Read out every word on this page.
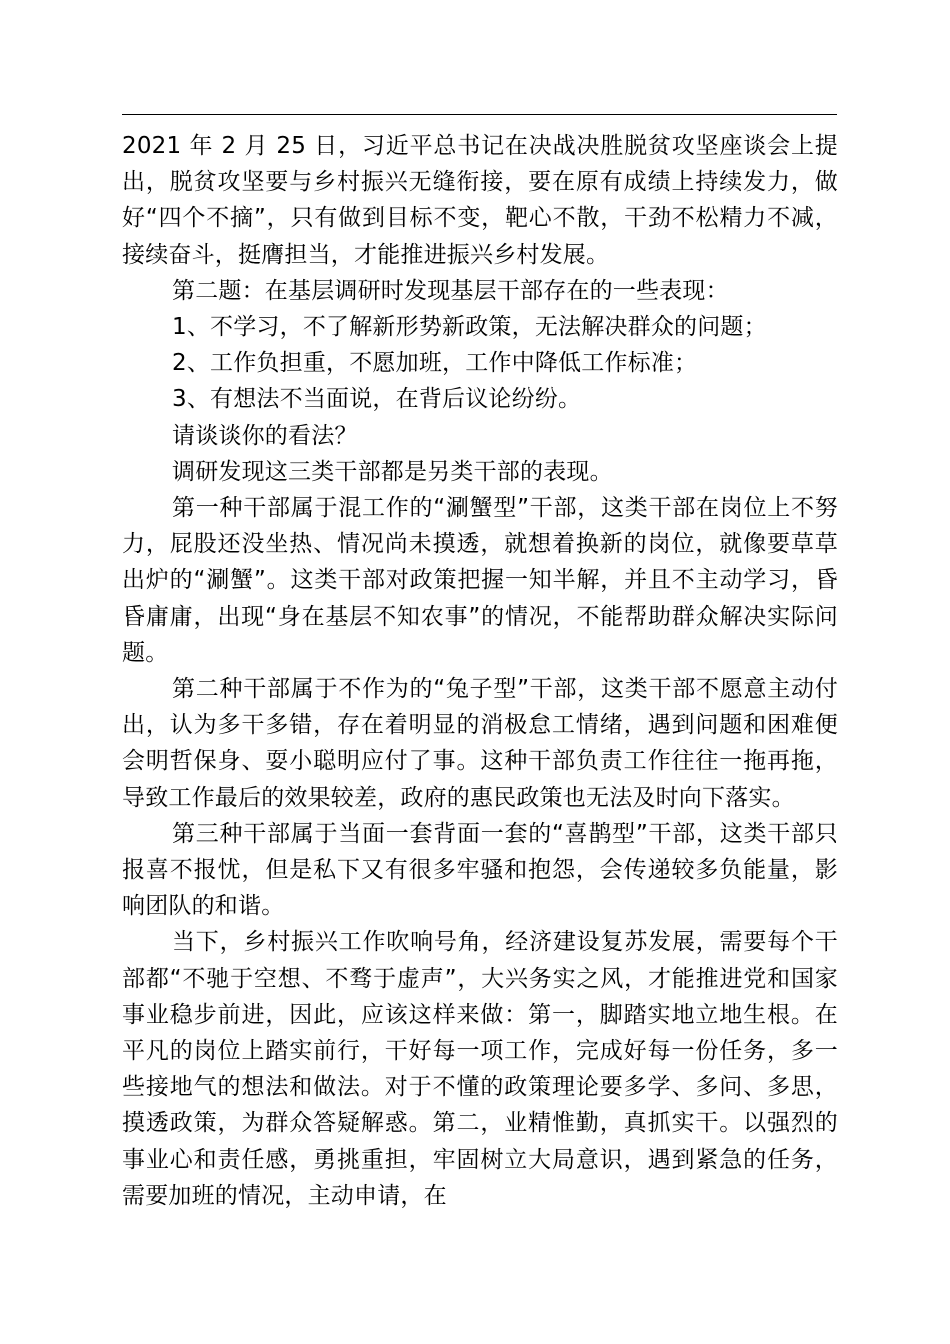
2021 年 2 月 25 日，习近平总书记在决战决胜脱贫攻坚座谈会上提出，脱贫攻坚要与乡村振兴无缝衔接，要在原有成绩上持续发力，做好“四个不摘”，只有做到目标不变，靶心不散，干劲不松精力不减，接续奋斗，挺膺担当，才能推进振兴乡村发展。

第二题：在基层调研时发现基层干部存在的一些表现：

1、不学习，不了解新形势新政策，无法解决群众的问题；

2、工作负担重，不愿加班，工作中降低工作标准；

3、有想法不当面说，在背后议论纷纷。

请谈谈你的看法？

调研发现这三类干部都是另类干部的表现。

第一种干部属于混工作的“涮蟹型”干部，这类干部在岗位上不努力，屁股还没坐热、情况尚未摸透，就想着换新的岗位，就像要草草出炉的“涮蟹”。这类干部对政策把握一知半解，并且不主动学习，昏昏庸庸，出现“身在基层不知农事”的情况，不能帮助群众解决实际问题。

第二种干部属于不作为的“兔子型”干部，这类干部不愿意主动付出，认为多干多错，存在着明显的消极怠工情绪，遇到问题和困难便会明哲保身、耍小聪明应付了事。这种干部负责工作往往一拖再拖，导致工作最后的效果较差，政府的惠民政策也无法及时向下落实。

第三种干部属于当面一套背面一套的“喜鹊型”干部，这类干部只报喜不报忧，但是私下又有很多牢骚和抱怨，会传递较多负能量，影响团队的和谐。

当下，乡村振兴工作吹响号角，经济建设复苏发展，需要每个干部都“不驰于空想、不骛于虚声”，大兴务实之风，才能推进党和国家事业稳步前进，因此，应该这样来做：第一，脚踏实地立地生根。在平凡的岗位上踏实前行，干好每一项工作，完成好每一份任务，多一些接地气的想法和做法。对于不懂的政策理论要多学、多问、多思，摸透政策，为群众答疑解惑。第二，业精惟勤，真抓实干。以强烈的事业心和责任感，勇挑重担，牢固树立大局意识，遇到紧急的任务，需要加班的情况，主动申请，在
